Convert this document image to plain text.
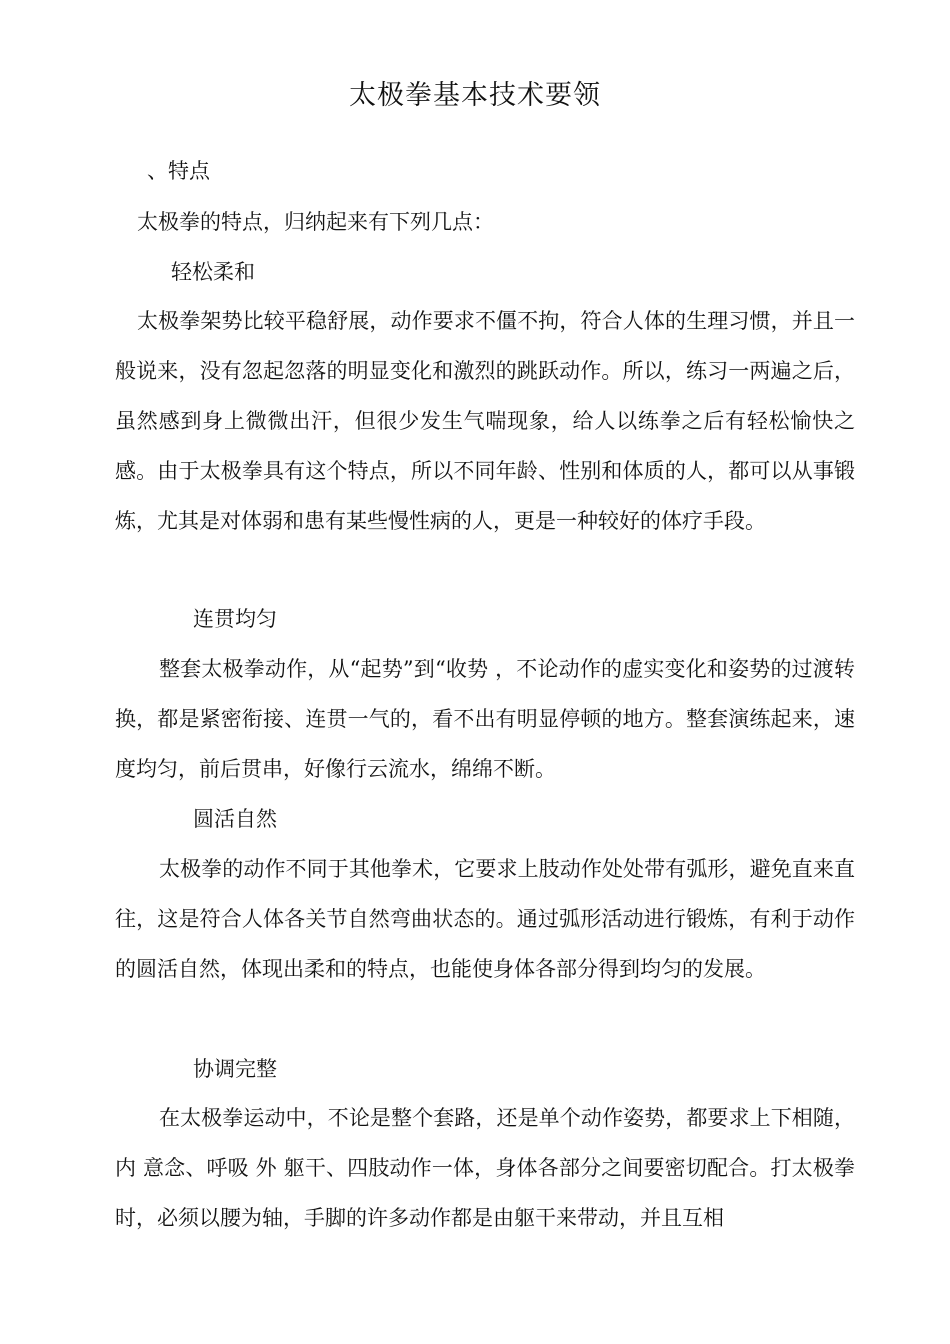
太极拳基本技术要领

、特点

太极拳的特点，归纳起来有下列几点：

轻松柔和

太极拳架势比较平稳舒展，动作要求不僵不拘，符合人体的生理习惯，并且一般说来，没有忽起忽落的明显变化和激烈的跳跃动作。所以，练习一两遍之后，虽然感到身上微微出汗，但很少发生气喘现象，给人以练拳之后有轻松愉快之感。由于太极拳具有这个特点，所以不同年龄、性别和体质的人，都可以从事锻炼，尤其是对体弱和患有某些慢性病的人，更是一种较好的体疗手段。

连贯均匀

整套太极拳动作，从“起势”到“收势 ，不论动作的虚实变化和姿势的过渡转换，都是紧密衔接、连贯一气的，看不出有明显停顿的地方。整套演练起来，速度均匀，前后贯串，好像行云流水，绵绵不断。

圆活自然

太极拳的动作不同于其他拳术，它要求上肢动作处处带有弧形，避免直来直往，这是符合人体各关节自然弯曲状态的。通过弧形活动进行锻炼，有利于动作的圆活自然，体现出柔和的特点，也能使身体各部分得到均匀的发展。

协调完整

在太极拳运动中，不论是整个套路，还是单个动作姿势，都要求上下相随，内 意念、呼吸 外 躯干、四肢动作一体，身体各部分之间要密切配合。打太极拳时，必须以腰为轴，手脚的许多动作都是由躯干来带动，并且互相
